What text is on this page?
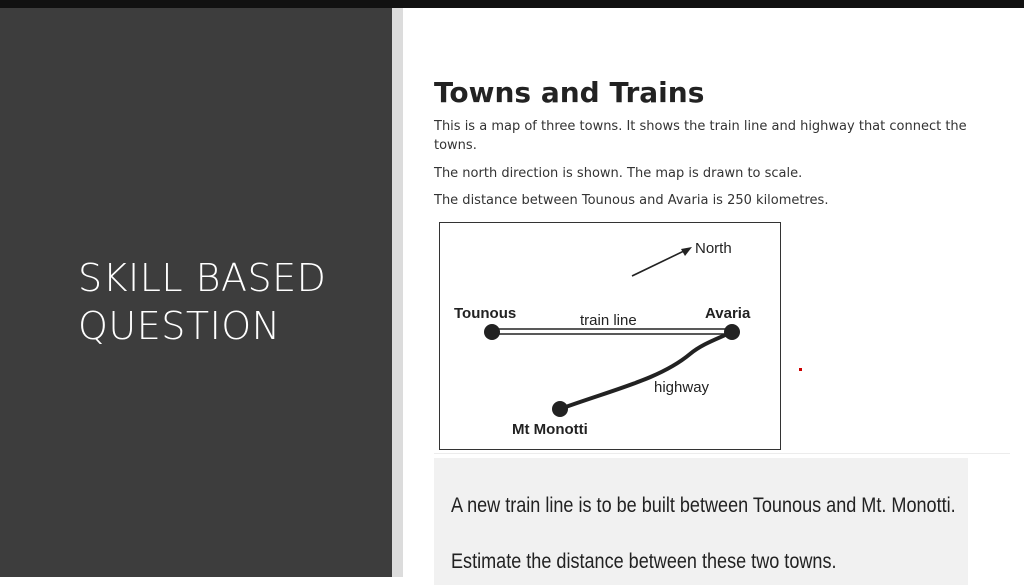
SKILL BASED
QUESTION
Towns and Trains
This is a map of three towns. It shows the train line and highway that connect the towns.
The north direction is shown. The map is drawn to scale.
The distance between Tounous and Avaria is 250 kilometres.
North
train line
highway
Tounous	Avaria
Mt Monotti
A new train line is to be built between Tounous and Mt. Monotti.
Estimate the distance between these two towns.
